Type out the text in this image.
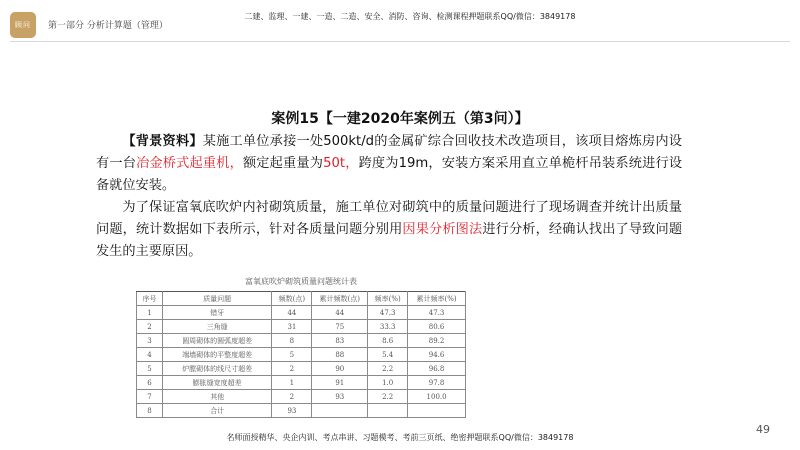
顾问	第一部分 分析计算题（管理）
二建、监理、一建、一造、二造、安全、消防、咨询、检测课程押题联系QQ/微信：3849178
案例15【一建2020年案例五（第3问）】

【背景资料】某施工单位承接一处500kt/d的金属矿综合回收技术改造项目，该项目熔炼房内设有一台冶金桥式起重机，额定起重量为50t，跨度为19m，安装方案采用直立单桅杆吊装系统进行设备就位安装。

为了保证富氧底吹炉内衬砌筑质量，施工单位对砌筑中的质量问题进行了现场调查并统计出质量问题，统计数据如下表所示，针对各质量问题分别用因果分析图法进行分析，经确认找出了导致问题发生的主要原因。

富氧底吹炉砌筑质量问题统计表
序号	质量问题	频数(点)	累计频数(点)	频率(%)	累计频率(%)
1	错牙	44	44	47.3	47.3
2	三角缝	31	75	33.3	80.6
3	圆周砌体的圆弧度超差	8	83	8.6	89.2
4	端墙砌体的平整度超差	5	88	5.4	94.6
5	炉膛砌体的线尺寸超差	2	90	2.2	96.8
6	膨胀缝宽度超差	1	91	1.0	97.8
7	其他	2	93	2.2	100.0
8	合计	93			
名师面授精华、央企内训、考点串讲、习题模考、考前三页纸、绝密押题联系QQ/微信：3849178
49
